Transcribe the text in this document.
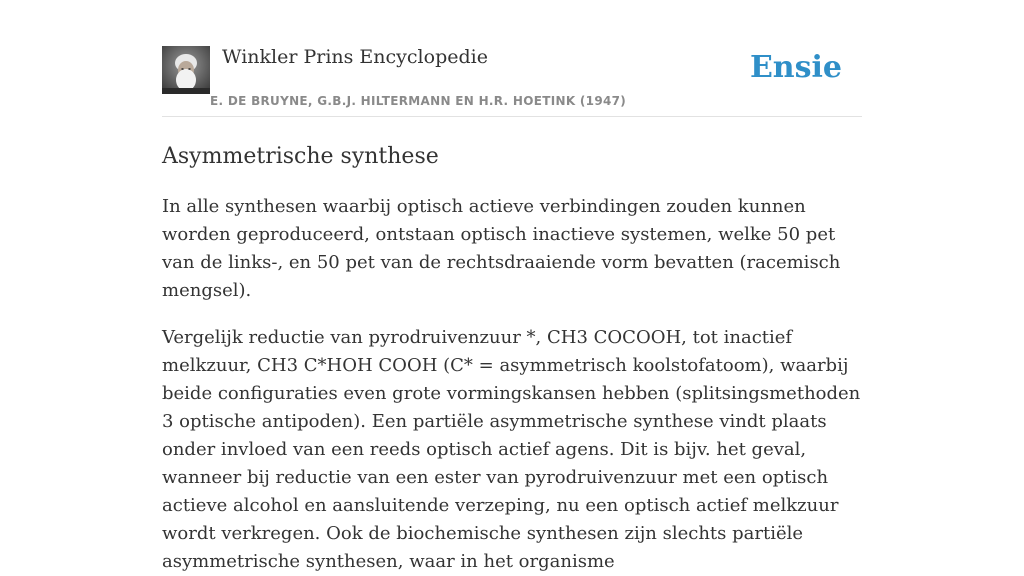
Winkler Prins Encyclopedie
E. DE BRUYNE, G.B.J. HILTERMANN EN H.R. HOETINK (1947)
Ensie
Asymmetrische synthese

In alle synthesen waarbij optisch actieve verbindingen zouden kunnen worden geproduceerd, ontstaan optisch inactieve systemen, welke 50 pet van de links-, en 50 pet van de rechtsdraaiende vorm bevatten (racemisch mengsel).

Vergelijk reductie van pyrodruivenzuur *, CH3 COCOOH, tot inactief melkzuur, CH3 C*HOH COOH (C* = asymmetrisch koolstofatoom), waarbij beide configuraties even grote vormingskansen hebben (splitsingsmethoden 3 optische antipoden). Een partiële asymmetrische synthese vindt plaats onder invloed van een reeds optisch actief agens. Dit is bijv. het geval, wanneer bij reductie van een ester van pyrodruivenzuur met een optisch actieve alcohol en aansluitende verzeping, nu een optisch actief melkzuur wordt verkregen. Ook de biochemische synthesen zijn slechts partiële asymmetrische synthesen, waar in het organisme
